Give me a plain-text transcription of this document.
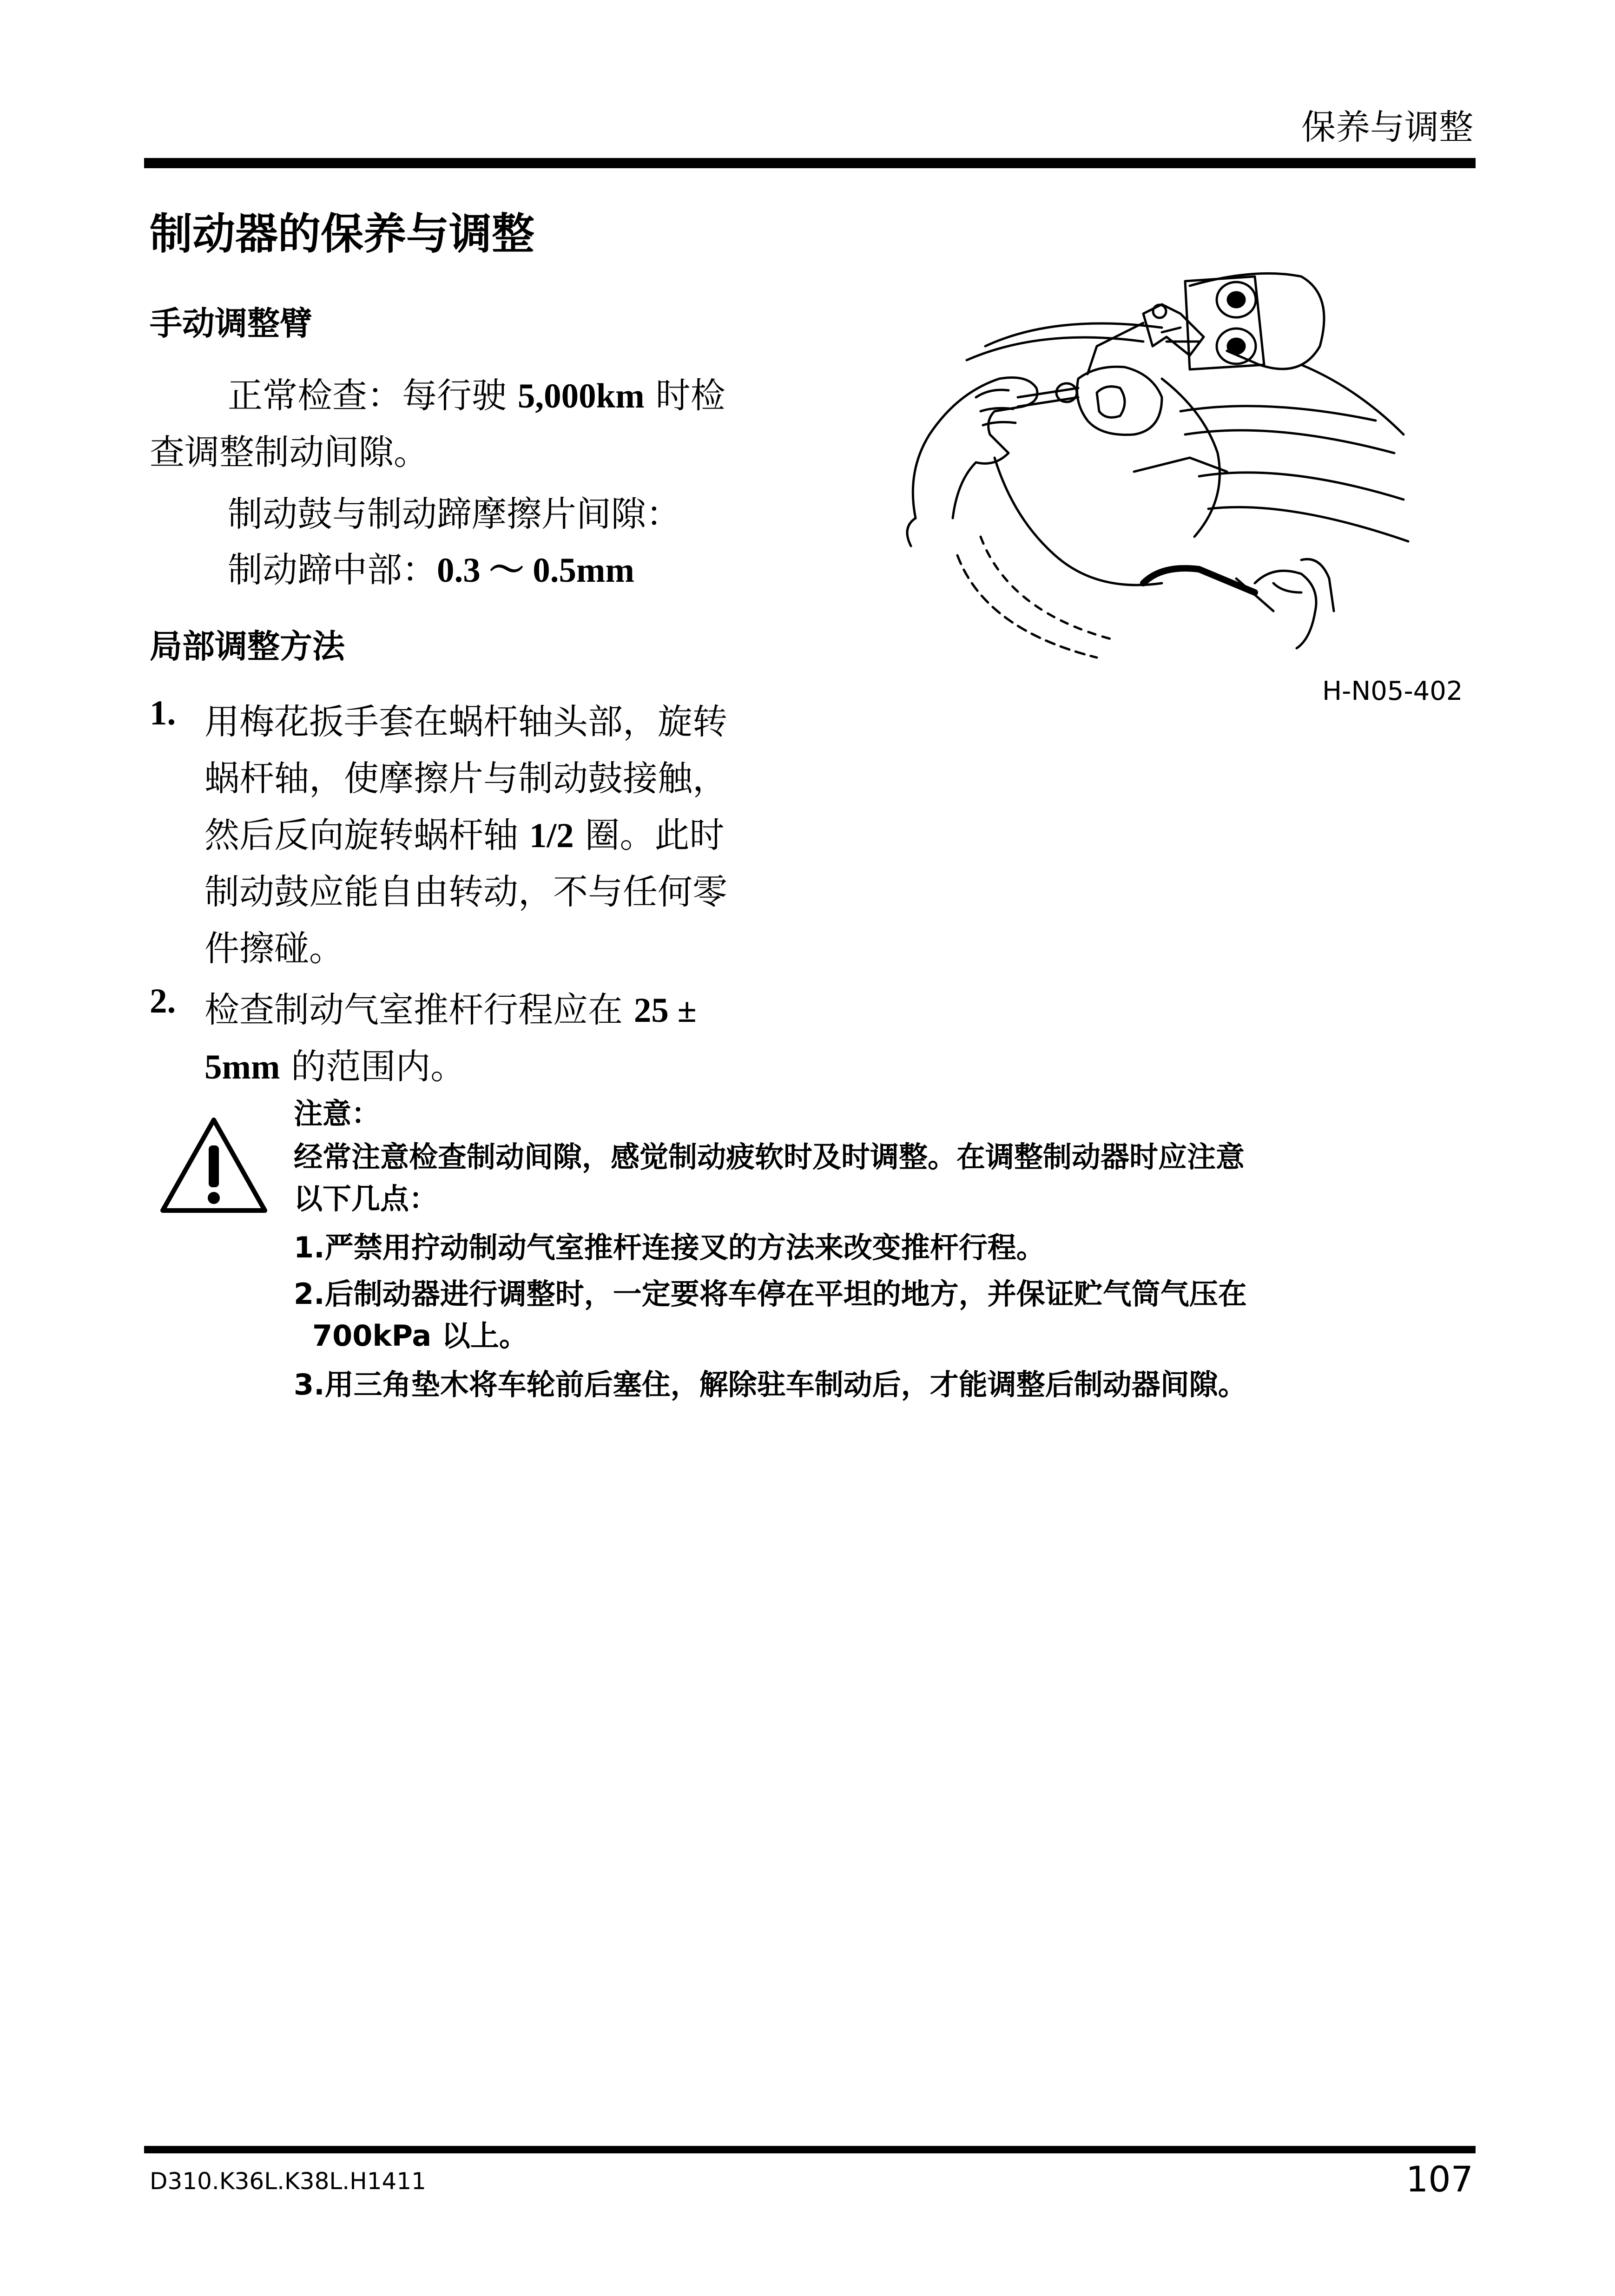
保养与调整
制动器的保养与调整
手动调整臂
正常检查：每行驶 5,000km 时检
查调整制动间隙。
制动鼓与制动蹄摩擦片间隙：
制动蹄中部：0.3 ～ 0.5mm
局部调整方法
1. 用梅花扳手套在蜗杆轴头部，旋转
蜗杆轴，使摩擦片与制动鼓接触，
然后反向旋转蜗杆轴 1/2 圈。此时
制动鼓应能自由转动，不与任何零
件擦碰。
2. 检查制动气室推杆行程应在 25 ±
5mm 的范围内。
H-N05-402
注意：
经常注意检查制动间隙，感觉制动疲软时及时调整。在调整制动器时应注意
以下几点：
1.严禁用拧动制动气室推杆连接叉的方法来改变推杆行程。
2.后制动器进行调整时，一定要将车停在平坦的地方，并保证贮气筒气压在
700kPa 以上。
3.用三角垫木将车轮前后塞住，解除驻车制动后，才能调整后制动器间隙。
D310.K36L.K38L.H1411	107
